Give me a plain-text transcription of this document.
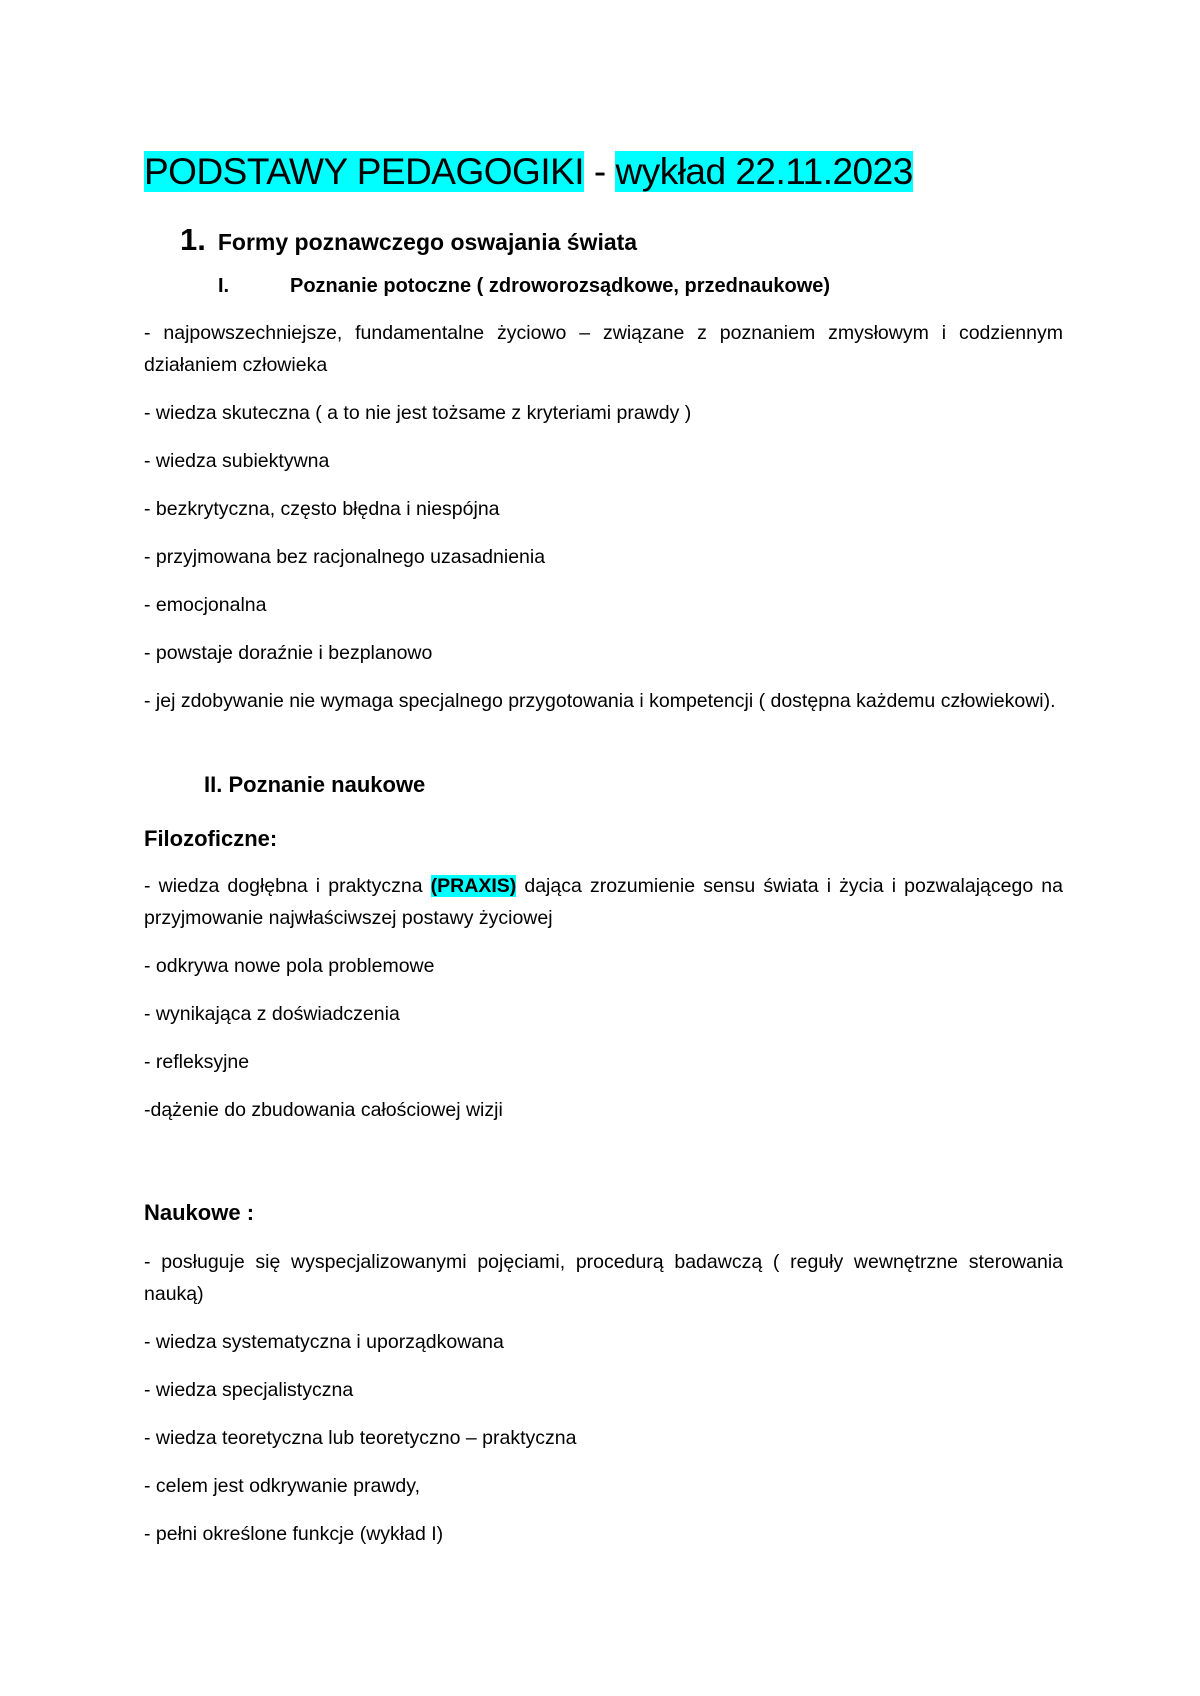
PODSTAWY PEDAGOGIKI - wykład 22.11.2023
1. Formy poznawczego oswajania świata
I.	Poznanie potoczne ( zdroworozsądkowe, przednaukowe)
- najpowszechniejsze, fundamentalne życiowo – związane z poznaniem zmysłowym i codziennym działaniem człowieka
- wiedza skuteczna ( a to nie jest tożsame z kryteriami prawdy )
- wiedza subiektywna
- bezkrytyczna, często błędna i niespójna
- przyjmowana bez racjonalnego uzasadnienia
- emocjonalna
- powstaje doraźnie i bezplanowo
- jej zdobywanie nie wymaga specjalnego przygotowania i kompetencji ( dostępna każdemu człowiekowi).
II. Poznanie naukowe
Filozoficzne:
- wiedza dogłębna i praktyczna (PRAXIS) dająca zrozumienie sensu świata i życia i pozwalającego na przyjmowanie najwłaściwszej postawy życiowej
- odkrywa nowe pola problemowe
- wynikająca z doświadczenia
- refleksyjne
-dążenie do zbudowania całościowej wizji
Naukowe :
- posługuje się wyspecjalizowanymi pojęciami, procedurą badawczą ( reguły wewnętrzne sterowania nauką)
- wiedza systematyczna i uporządkowana
- wiedza specjalistyczna
- wiedza teoretyczna lub teoretyczno – praktyczna
- celem jest odkrywanie prawdy,
- pełni określone funkcje (wykład I)
